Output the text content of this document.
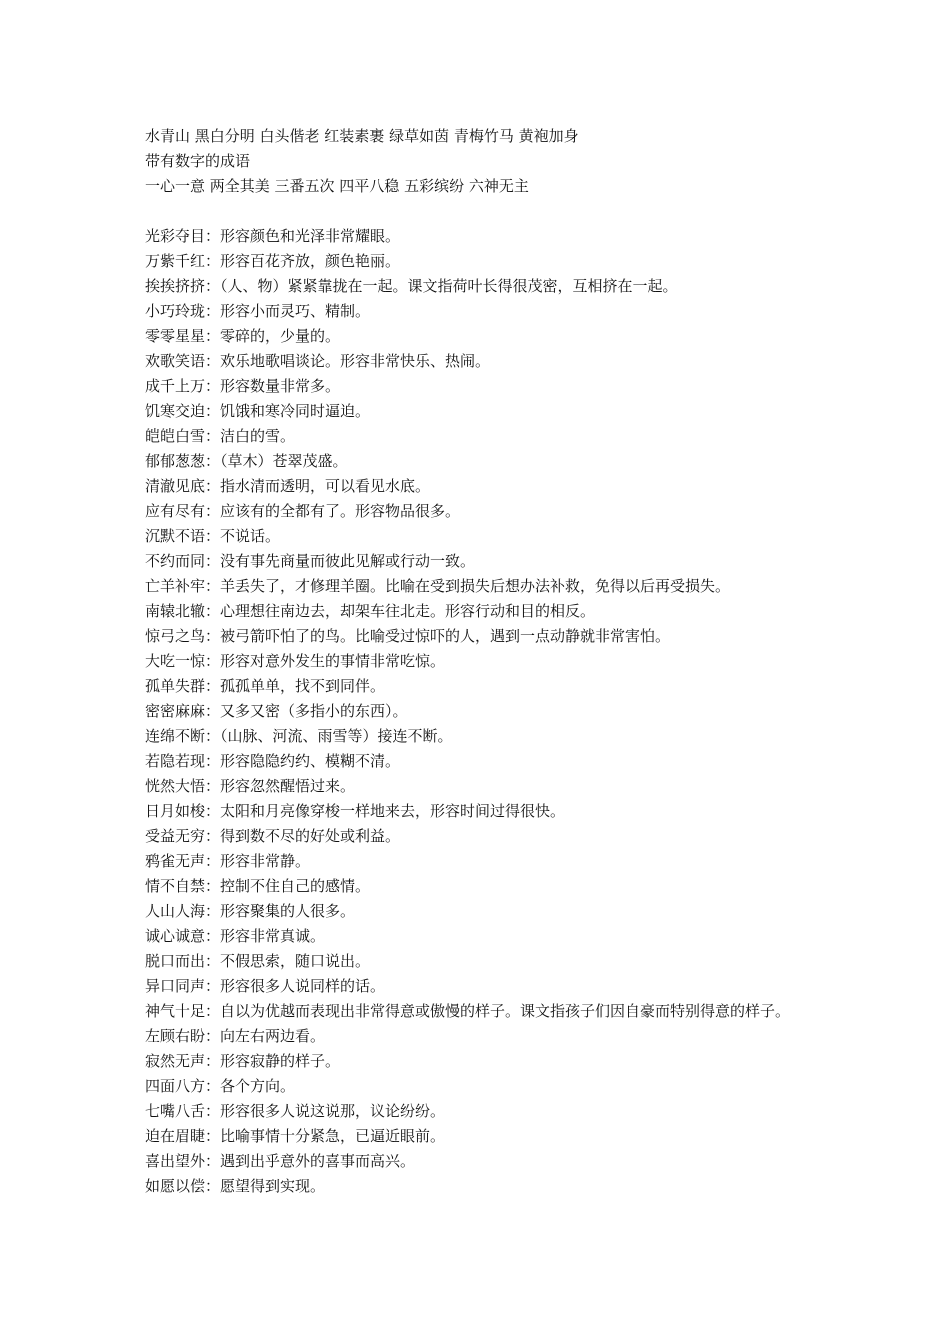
水青山 黑白分明 白头偕老 红装素裹 绿草如茵 青梅竹马 黄袍加身

带有数字的成语

一心一意 两全其美 三番五次 四平八稳 五彩缤纷 六神无主

光彩夺目：形容颜色和光泽非常耀眼。

万紫千红：形容百花齐放，颜色艳丽。

挨挨挤挤：（人、物）紧紧靠拢在一起。课文指荷叶长得很茂密，互相挤在一起。

小巧玲珑：形容小而灵巧、精制。

零零星星：零碎的，少量的。

欢歌笑语：欢乐地歌唱谈论。形容非常快乐、热闹。

成千上万：形容数量非常多。

饥寒交迫：饥饿和寒冷同时逼迫。

皑皑白雪：洁白的雪。

郁郁葱葱：（草木）苍翠茂盛。

清澈见底：指水清而透明，可以看见水底。

应有尽有：应该有的全都有了。形容物品很多。

沉默不语：不说话。

不约而同：没有事先商量而彼此见解或行动一致。

亡羊补牢：羊丢失了，才修理羊圈。比喻在受到损失后想办法补救，免得以后再受损失。

南辕北辙：心理想往南边去，却架车往北走。形容行动和目的相反。

惊弓之鸟：被弓箭吓怕了的鸟。比喻受过惊吓的人，遇到一点动静就非常害怕。

大吃一惊：形容对意外发生的事情非常吃惊。

孤单失群：孤孤单单，找不到同伴。

密密麻麻：又多又密（多指小的东西）。

连绵不断：（山脉、河流、雨雪等）接连不断。

若隐若现：形容隐隐约约、模糊不清。

恍然大悟：形容忽然醒悟过来。

日月如梭：太阳和月亮像穿梭一样地来去，形容时间过得很快。

受益无穷：得到数不尽的好处或利益。

鸦雀无声：形容非常静。

情不自禁：控制不住自己的感情。

人山人海：形容聚集的人很多。

诚心诚意：形容非常真诚。

脱口而出：不假思索，随口说出。

异口同声：形容很多人说同样的话。

神气十足：自以为优越而表现出非常得意或傲慢的样子。课文指孩子们因自豪而特别得意的样子。

左顾右盼：向左右两边看。

寂然无声：形容寂静的样子。

四面八方：各个方向。

七嘴八舌：形容很多人说这说那，议论纷纷。

迫在眉睫：比喻事情十分紧急，已逼近眼前。

喜出望外：遇到出乎意外的喜事而高兴。

如愿以偿：愿望得到实现。
